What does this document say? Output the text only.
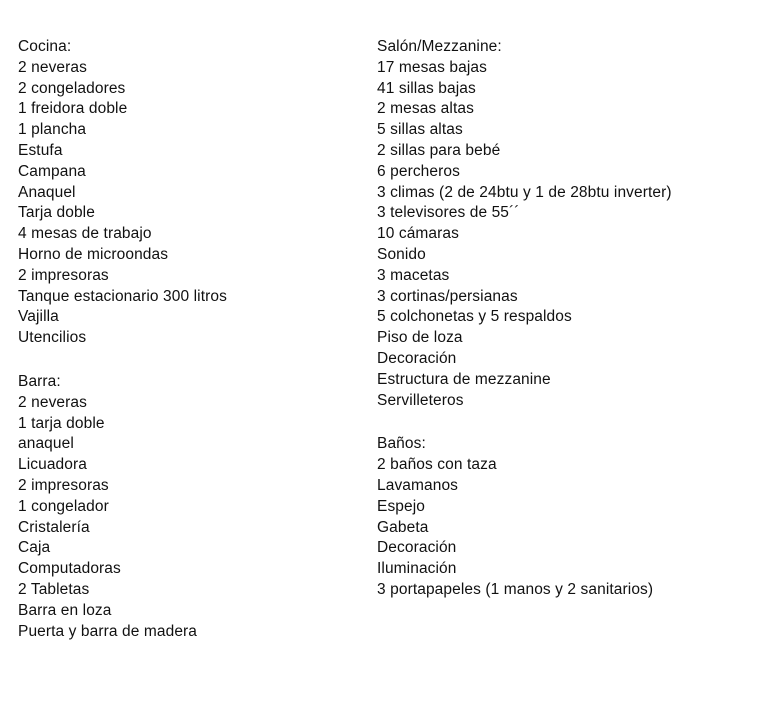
Cocina:
2 neveras
2 congeladores
1 freidora doble
1 plancha
Estufa
Campana
Anaquel
Tarja doble
4 mesas de trabajo
Horno de microondas
2 impresoras
Tanque estacionario 300 litros
Vajilla
Utencilios
Barra:
2 neveras
1 tarja doble
anaquel
Licuadora
2 impresoras
1 congelador
Cristalería
Caja
Computadoras
2 Tabletas
Barra en loza
Puerta y barra de madera
Salón/Mezzanine:
17 mesas bajas
41 sillas bajas
2 mesas altas
5 sillas altas
2 sillas para bebé
6 percheros
3 climas (2 de 24btu y 1 de 28btu inverter)
3 televisores de 55´´
10 cámaras
Sonido
3 macetas
3 cortinas/persianas
5 colchonetas y 5 respaldos
Piso de loza
Decoración
Estructura de mezzanine
Servilleteros
Baños:
2 baños con taza
Lavamanos
Espejo
Gabeta
Decoración
Iluminación
3 portapapeles (1 manos y 2 sanitarios)
